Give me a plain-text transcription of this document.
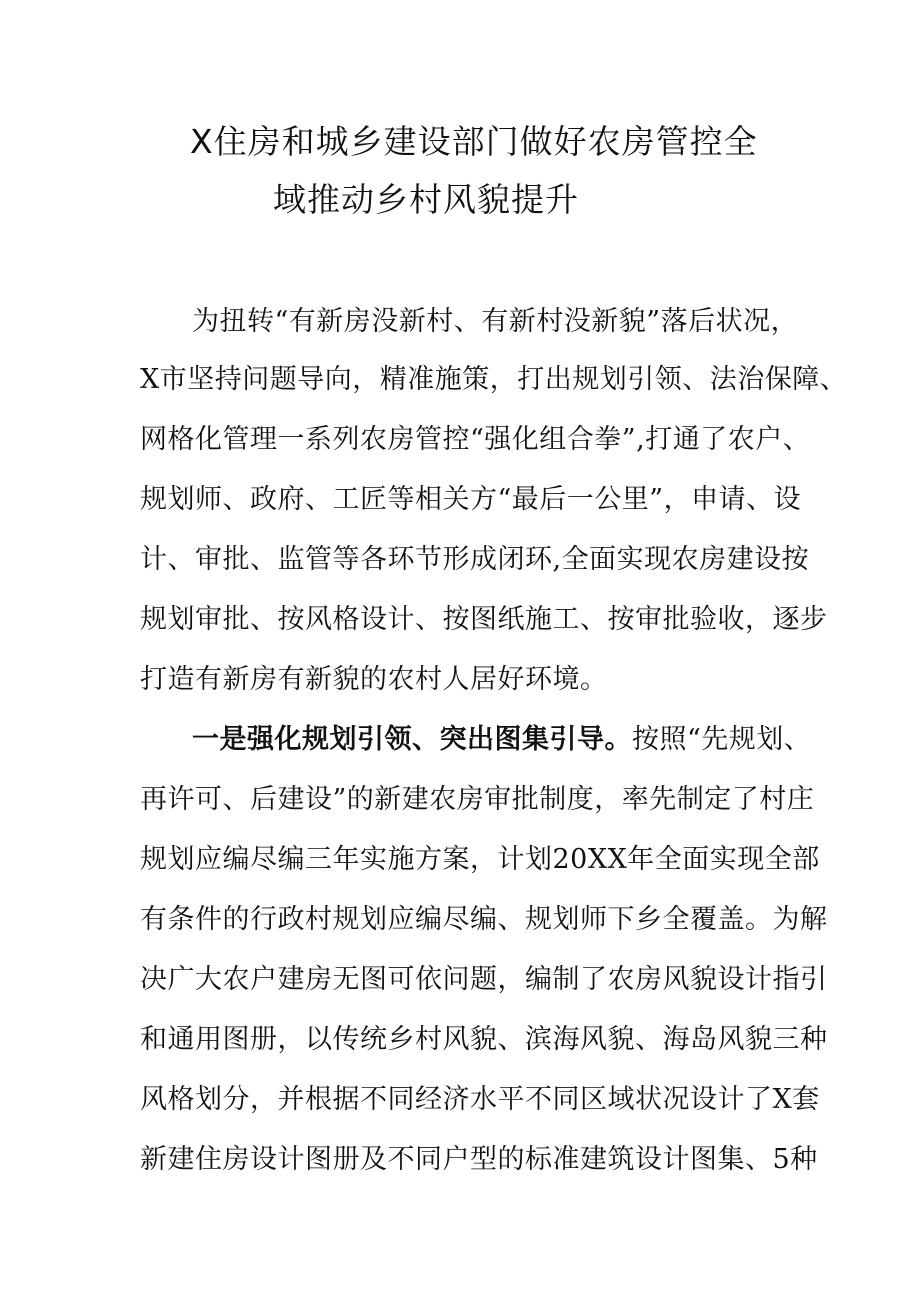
X住房和城乡建设部门做好农房管控全
域推动乡村风貌提升
为扭转“有新房没新村、有新村没新貌”落后状况，
X市坚持问题导向，精准施策，打出规划引领、法治保障、
网格化管理一系列农房管控“强化组合拳”,打通了农户、
规划师、政府、工匠等相关方“最后一公里”，申请、设
计、审批、监管等各环节形成闭环,全面实现农房建设按
规划审批、按风格设计、按图纸施工、按审批验收，逐步
打造有新房有新貌的农村人居好环境。
一是强化规划引领、突出图集引导。按照“先规划、
再许可、后建设”的新建农房审批制度，率先制定了村庄
规划应编尽编三年实施方案，计划20XX年全面实现全部
有条件的行政村规划应编尽编、规划师下乡全覆盖。为解
决广大农户建房无图可依问题，编制了农房风貌设计指引
和通用图册，以传统乡村风貌、滨海风貌、海岛风貌三种
风格划分，并根据不同经济水平不同区域状况设计了X套
新建住房设计图册及不同户型的标准建筑设计图集、5种
